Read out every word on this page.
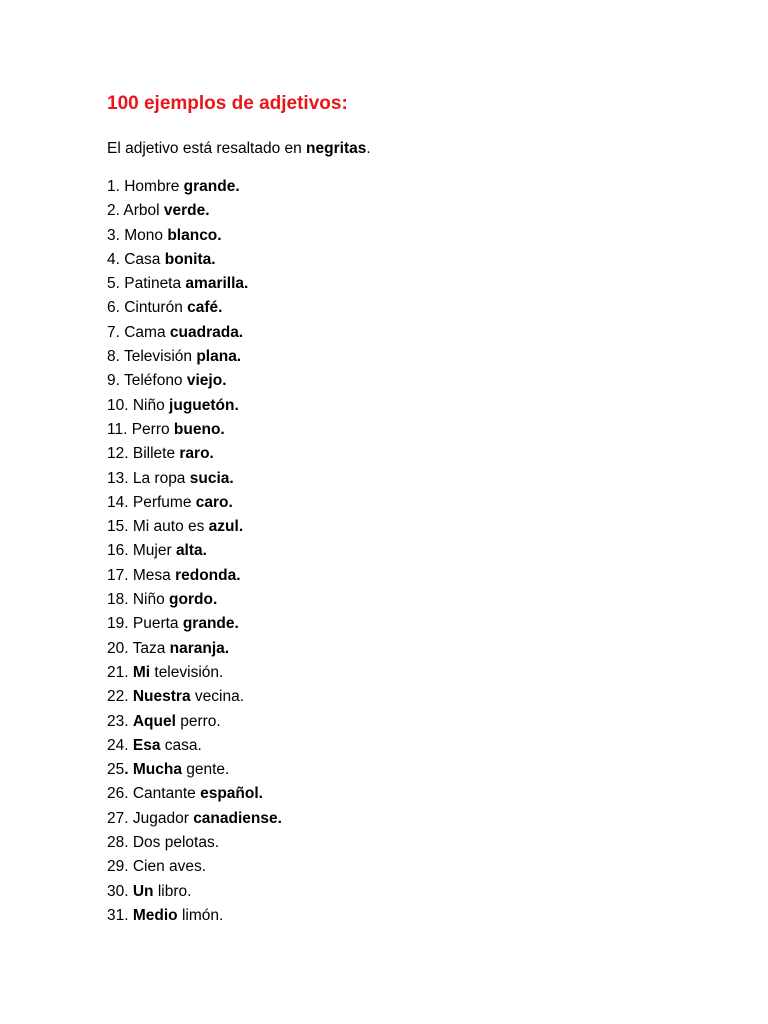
100 ejemplos de adjetivos:

El adjetivo está resaltado en negritas.

1. Hombre grande.
2. Arbol verde.
3. Mono blanco.
4. Casa bonita.
5. Patineta amarilla.
6. Cinturón café.
7. Cama cuadrada.
8. Televisión plana.
9. Teléfono viejo.
10. Niño juguetón.
11. Perro bueno.
12. Billete raro.
13. La ropa sucia.
14. Perfume caro.
15. Mi auto es azul.
16. Mujer alta.
17. Mesa redonda.
18. Niño gordo.
19. Puerta grande.
20. Taza naranja.
21. Mi televisión.
22. Nuestra vecina.
23. Aquel perro.
24. Esa casa.
25. Mucha gente.
26. Cantante español.
27. Jugador canadiense.
28. Dos pelotas.
29. Cien aves.
30. Un libro.
31. Medio limón.
